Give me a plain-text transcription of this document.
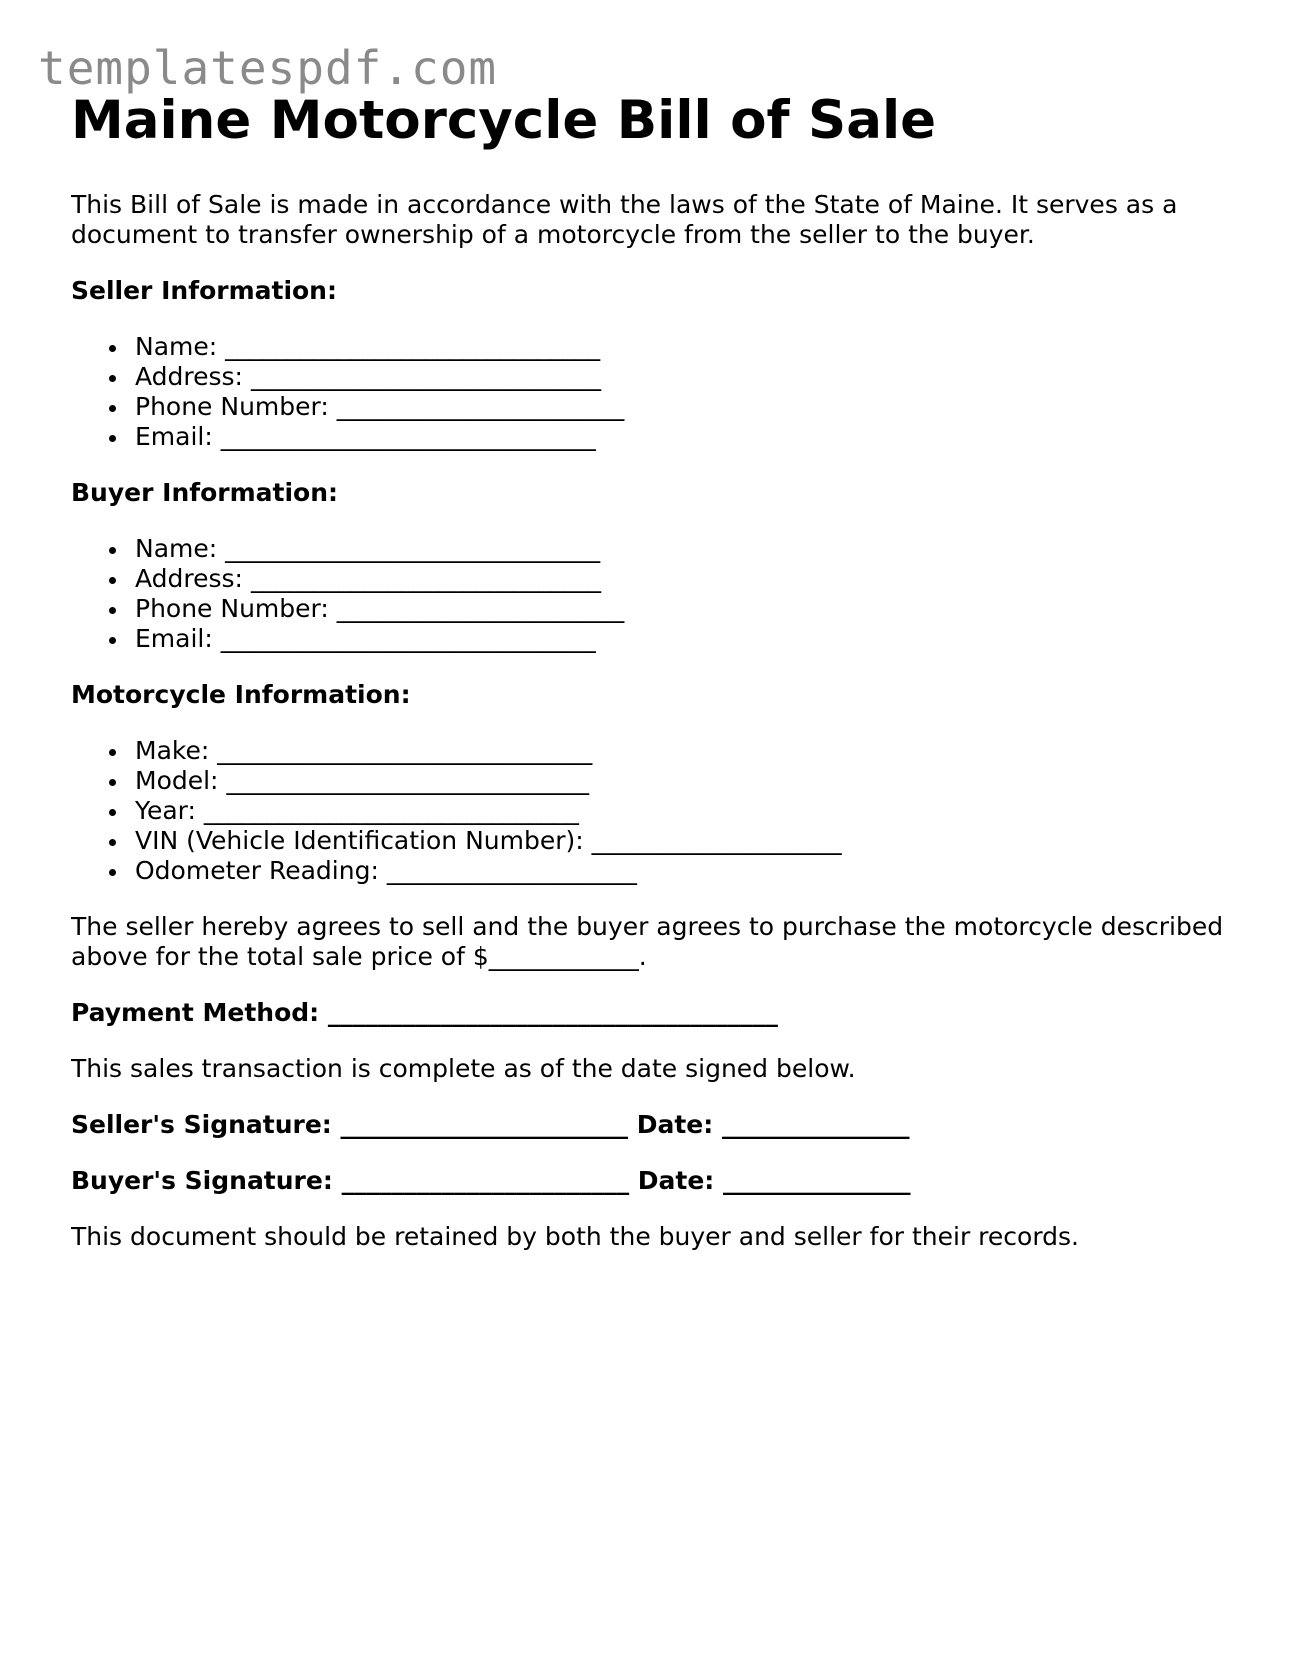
templatespdf.com
Maine Motorcycle Bill of Sale

This Bill of Sale is made in accordance with the laws of the State of Maine. It serves as a document to transfer ownership of a motorcycle from the seller to the buyer.

Seller Information:
Name: ______________________________
Address: ____________________________
Phone Number: _______________________
Email: ______________________________
Buyer Information:
Name: ______________________________
Address: ____________________________
Phone Number: _______________________
Email: ______________________________
Motorcycle Information:
Make: ______________________________
Model: _____________________________
Year: ______________________________
VIN (Vehicle Identification Number): ____________________
Odometer Reading: ____________________

The seller hereby agrees to sell and the buyer agrees to purchase the motorcycle described above for the total sale price of $____________.

Payment Method: ____________________________________

This sales transaction is complete as of the date signed below.

Seller's Signature: _______________________ Date: _______________
Buyer's Signature: _______________________ Date: _______________

This document should be retained by both the buyer and seller for their records.
